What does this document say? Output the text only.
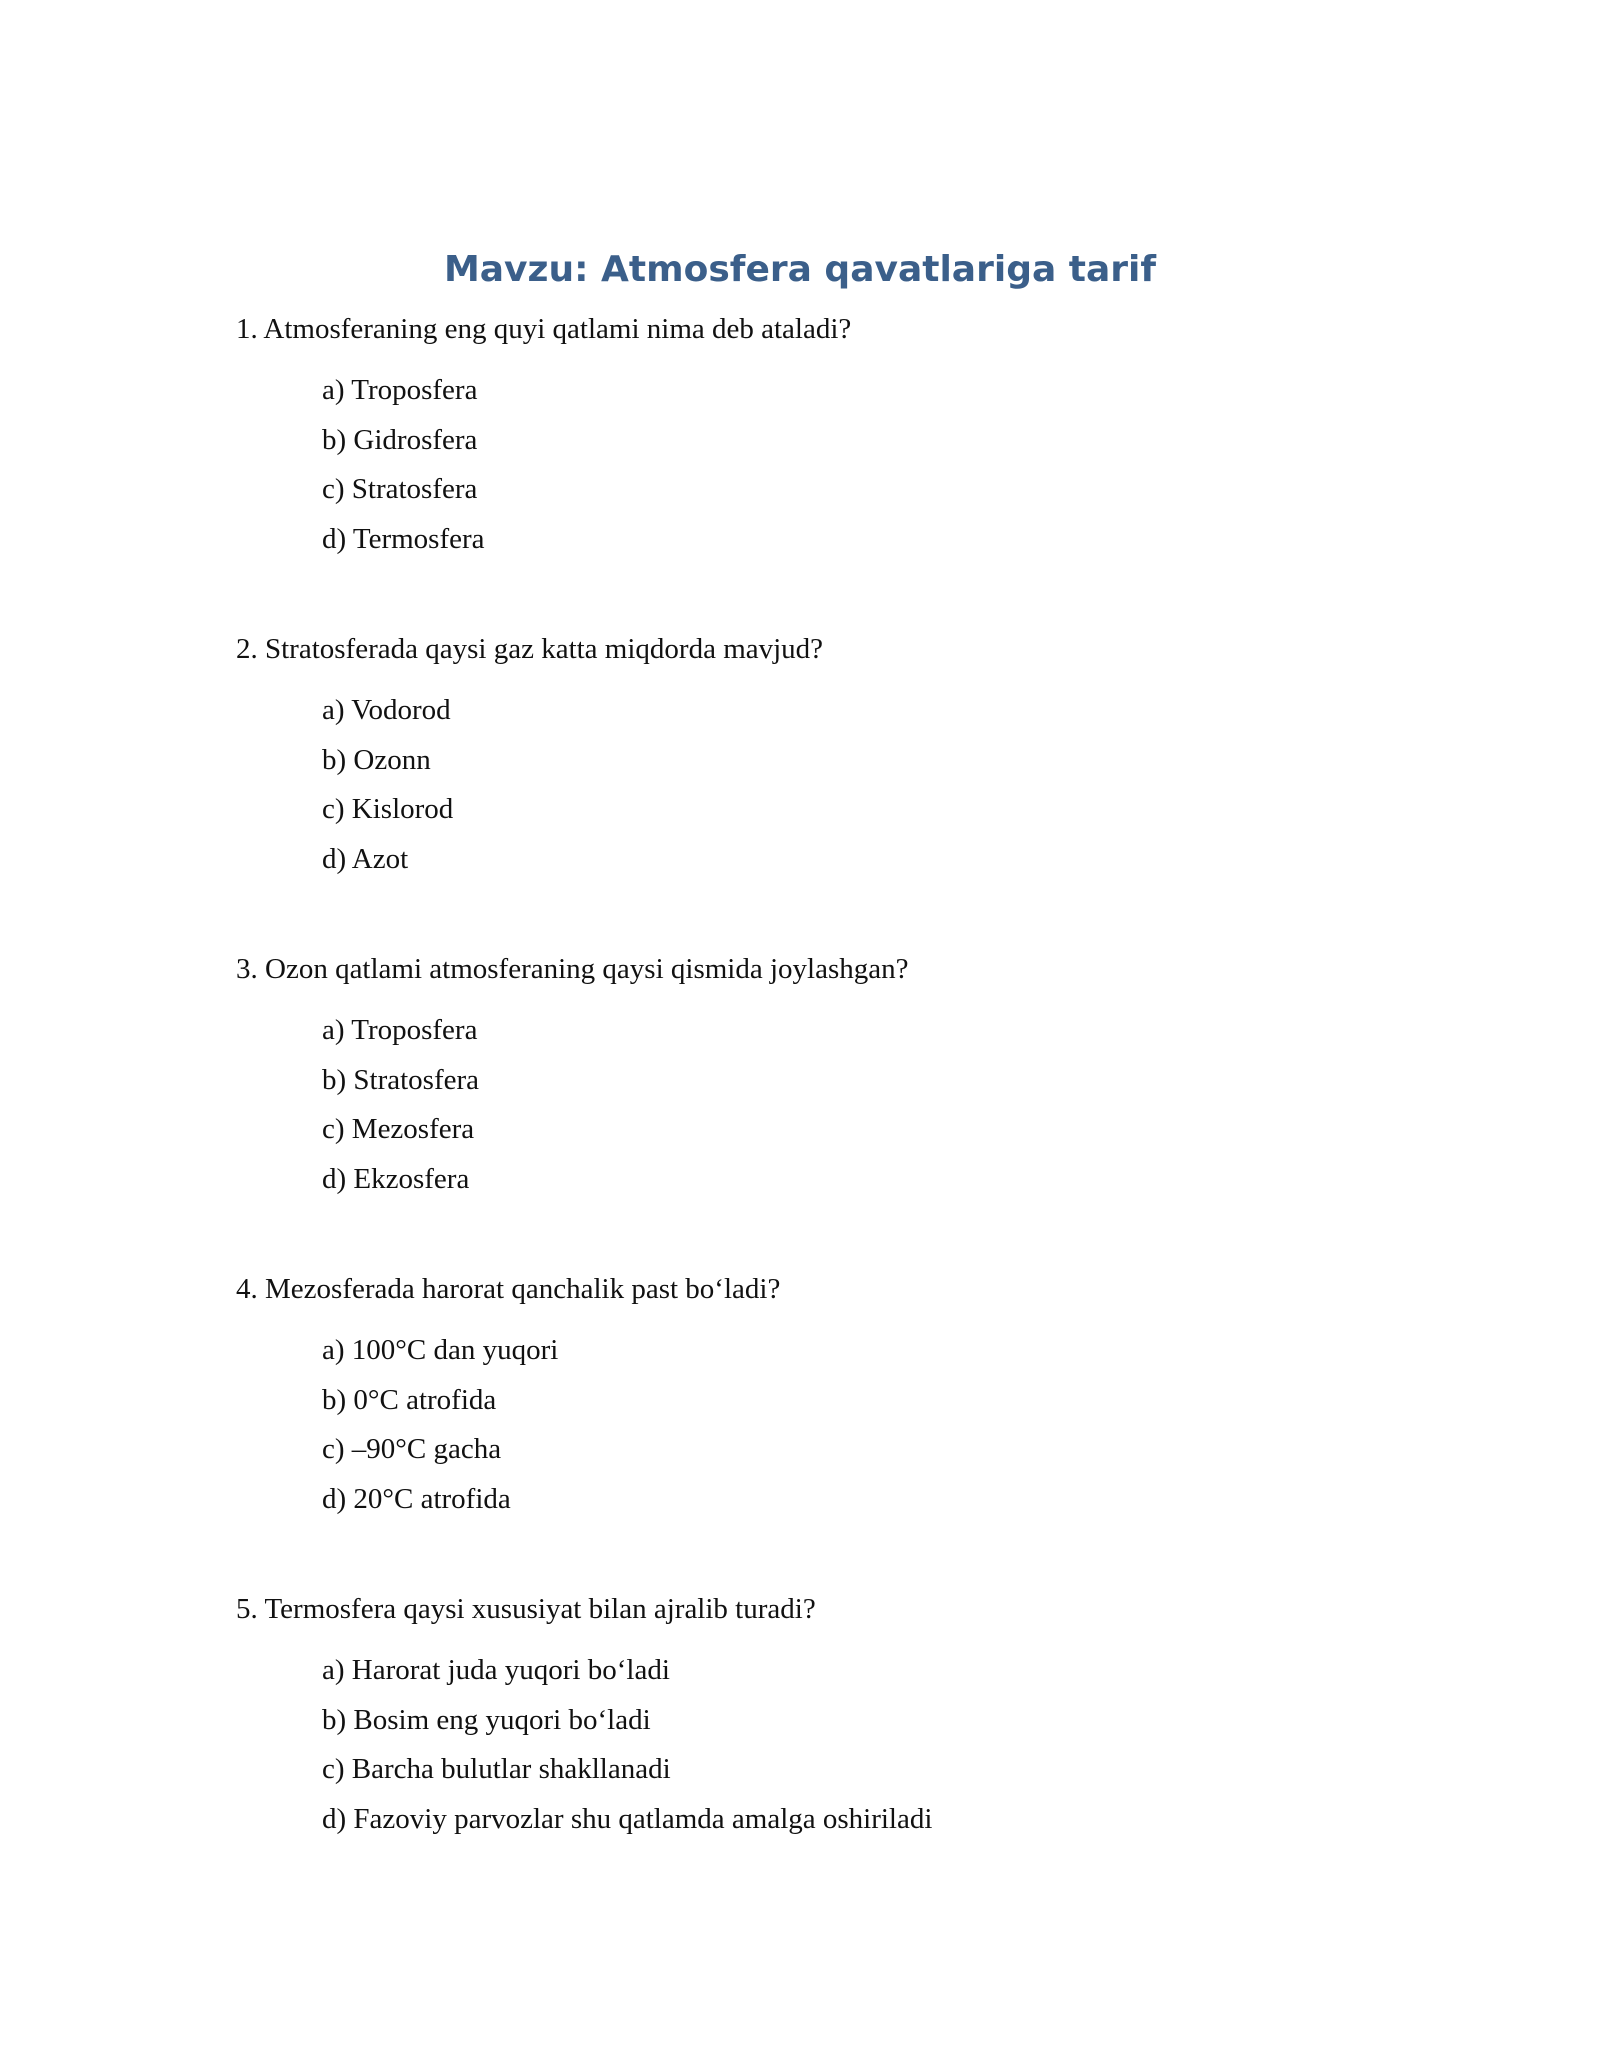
Mavzu: Atmosfera qavatlariga tarif

1. Atmosferaning eng quyi qatlami nima deb ataladi?

a) Troposfera
b) Gidrosfera
c) Stratosfera
d) Termosfera

2. Stratosferada qaysi gaz katta miqdorda mavjud?

a) Vodorod
b) Ozonn
c) Kislorod
d) Azot

3. Ozon qatlami atmosferaning qaysi qismida joylashgan?

a) Troposfera
b) Stratosfera
c) Mezosfera
d) Ekzosfera

4. Mezosferada harorat qanchalik past bo‘ladi?

a) 100°C dan yuqori
b) 0°C atrofida
c) –90°C gacha
d) 20°C atrofida

5. Termosfera qaysi xususiyat bilan ajralib turadi?

a) Harorat juda yuqori bo‘ladi
b) Bosim eng yuqori bo‘ladi
c) Barcha bulutlar shakllanadi
d) Fazoviy parvozlar shu qatlamda amalga oshiriladi
